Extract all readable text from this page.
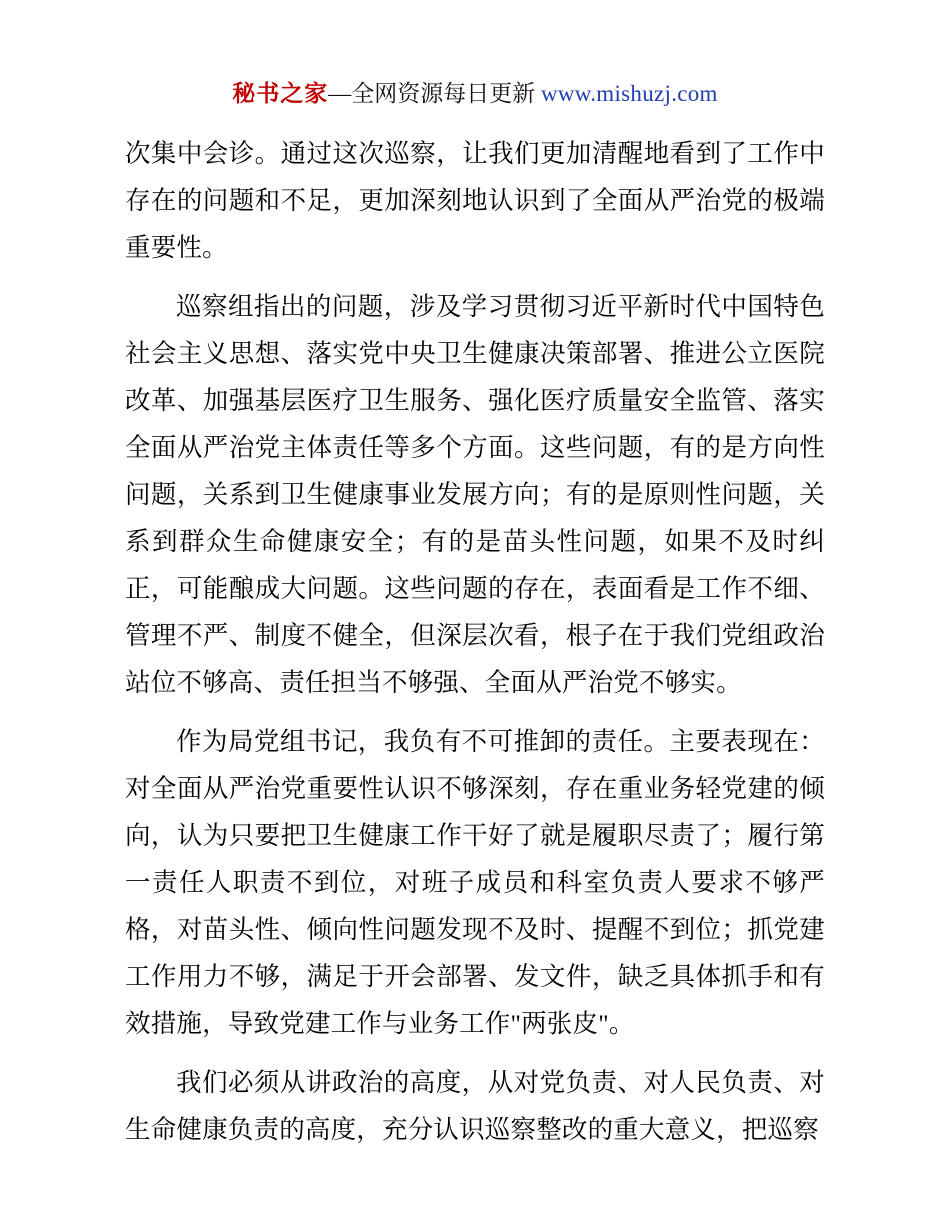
秘书之家—全网资源每日更新 www.mishuzj.com

次集中会诊。通过这次巡察，让我们更加清醒地看到了工作中存在的问题和不足，更加深刻地认识到了全面从严治党的极端重要性。

巡察组指出的问题，涉及学习贯彻习近平新时代中国特色社会主义思想、落实党中央卫生健康决策部署、推进公立医院改革、加强基层医疗卫生服务、强化医疗质量安全监管、落实全面从严治党主体责任等多个方面。这些问题，有的是方向性问题，关系到卫生健康事业发展方向；有的是原则性问题，关系到群众生命健康安全；有的是苗头性问题，如果不及时纠正，可能酿成大问题。这些问题的存在，表面看是工作不细、管理不严、制度不健全，但深层次看，根子在于我们党组政治站位不够高、责任担当不够强、全面从严治党不够实。

作为局党组书记，我负有不可推卸的责任。主要表现在：对全面从严治党重要性认识不够深刻，存在重业务轻党建的倾向，认为只要把卫生健康工作干好了就是履职尽责了；履行第一责任人职责不到位，对班子成员和科室负责人要求不够严格，对苗头性、倾向性问题发现不及时、提醒不到位；抓党建工作用力不够，满足于开会部署、发文件，缺乏具体抓手和有效措施，导致党建工作与业务工作"两张皮"。

我们必须从讲政治的高度，从对党负责、对人民负责、对生命健康负责的高度，充分认识巡察整改的重大意义，把巡察
